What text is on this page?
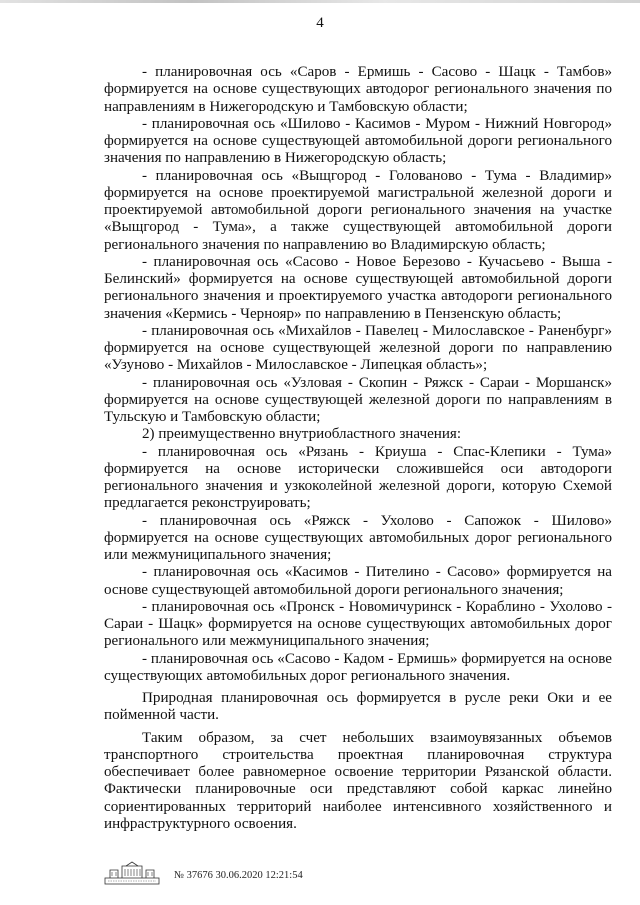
4

- планировочная ось «Саров - Ермишь - Сасово - Шацк - Тамбов» формируется на основе существующих автодорог регионального значения по направлениям в Нижегородскую и Тамбовскую области;

- планировочная ось «Шилово - Касимов - Муром - Нижний Новгород» формируется на основе существующей автомобильной дороги регионального значения по направлению в Нижегородскую область;

- планировочная ось «Выщгород - Голованово - Тума - Владимир» формируется на основе проектируемой магистральной железной дороги и проектируемой автомобильной дороги регионального значения на участке «Выщгород - Тума», а также существующей автомобильной дороги регионального значения по направлению во Владимирскую область;

- планировочная ось «Сасово - Новое Березово - Кучасьево - Выша - Белинский» формируется на основе существующей автомобильной дороги регионального значения и проектируемого участка автодороги регионального значения «Кермись - Чернояр» по направлению в Пензенскую область;

- планировочная ось «Михайлов - Павелец - Милославское - Раненбург» формируется на основе существующей железной дороги по направлению «Узуново - Михайлов - Милославское - Липецкая область»;

- планировочная ось «Узловая - Скопин - Ряжск - Сараи - Моршанск» формируется на основе существующей железной дороги по направлениям в Тульскую и Тамбовскую области;

2) преимущественно внутриобластного значения:

- планировочная ось «Рязань - Криуша - Спас-Клепики - Тума» формируется на основе исторически сложившейся оси автодороги регионального значения и узкоколейной железной дороги, которую Схемой предлагается реконструировать;

- планировочная ось «Ряжск - Ухолово - Сапожок - Шилово» формируется на основе существующих автомобильных дорог регионального или межмуниципального значения;

- планировочная ось «Касимов - Пителино - Сасово» формируется на основе существующей автомобильной дороги регионального значения;

- планировочная ось «Пронск - Новомичуринск - Кораблино - Ухолово - Сараи - Шацк» формируется на основе существующих автомобильных дорог регионального или межмуниципального значения;

- планировочная ось «Сасово - Кадом - Ермишь» формируется на основе существующих автомобильных дорог регионального значения.

Природная планировочная ось формируется в русле реки Оки и ее пойменной части.

Таким образом, за счет небольших взаимоувязанных объемов транспортного строительства проектная планировочная структура обеспечивает более равномерное освоение территории Рязанской области. Фактически планировочные оси представляют собой каркас линейно сориентированных территорий наиболее интенсивного хозяйственного и инфраструктурного освоения.

№ 37676 30.06.2020 12:21:54
